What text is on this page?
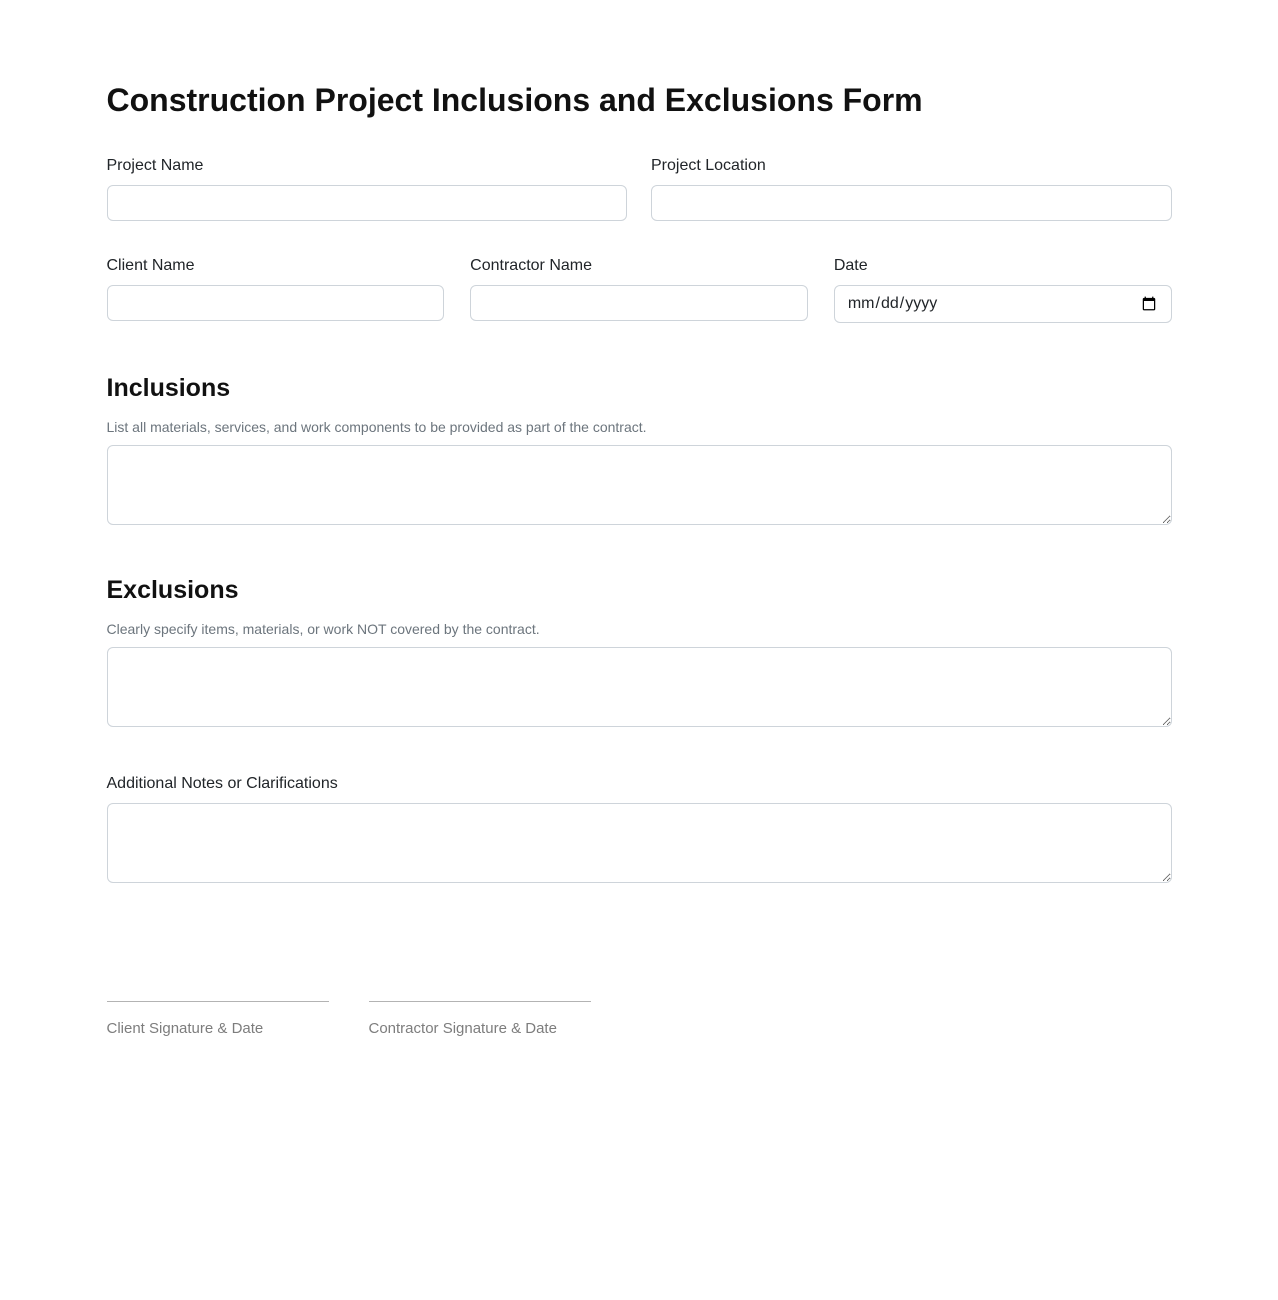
Construction Project Inclusions and Exclusions Form
Project Name	Project Location
Client Name	Contractor Name	Date
Inclusions
List all materials, services, and work components to be provided as part of the contract.
Exclusions
Clearly specify items, materials, or work NOT covered by the contract.
Additional Notes or Clarifications
Client Signature & Date	Contractor Signature & Date
